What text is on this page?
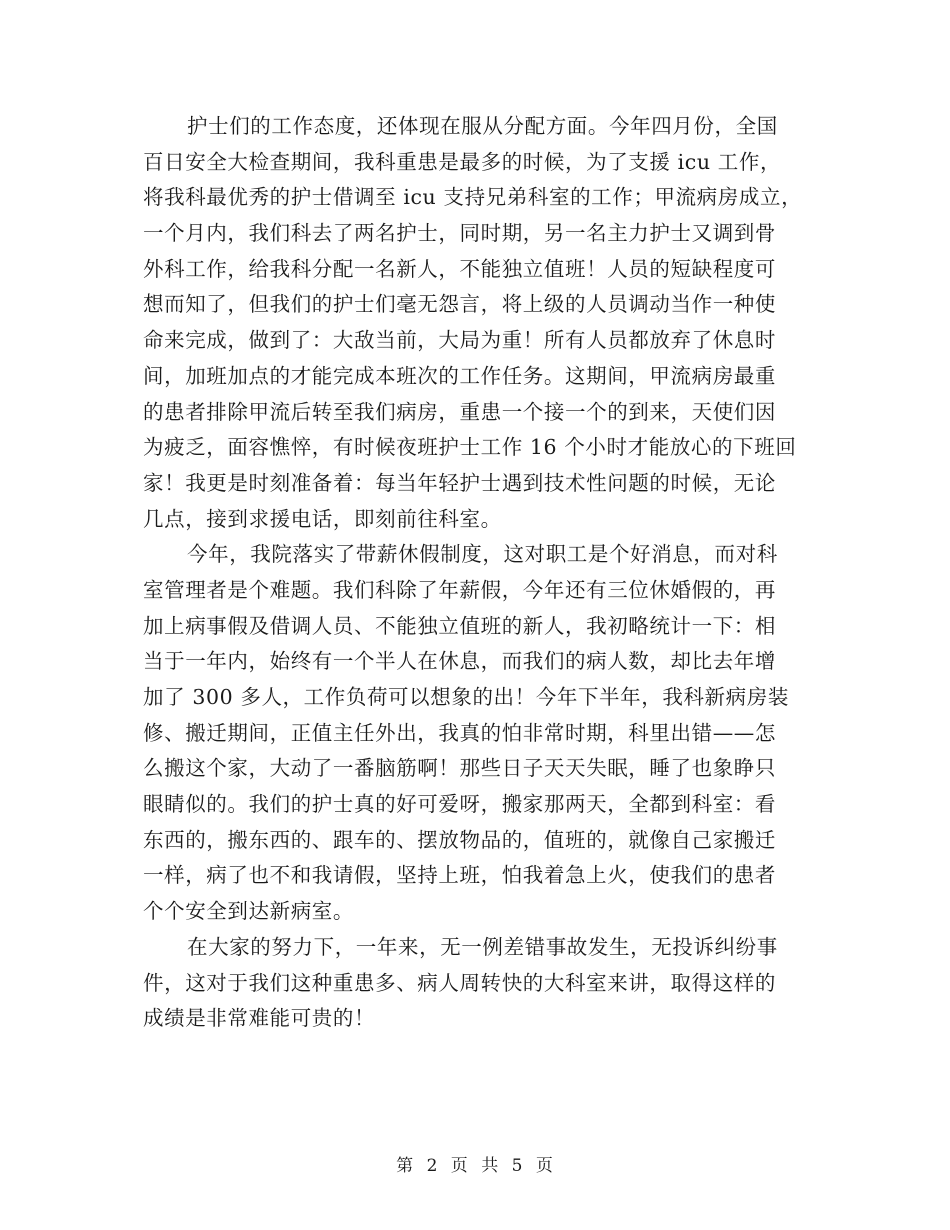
护士们的工作态度，还体现在服从分配方面。今年四月份，全国
百日安全大检查期间，我科重患是最多的时候，为了支援 icu 工作，
将我科最优秀的护士借调至 icu 支持兄弟科室的工作；甲流病房成立，
一个月内，我们科去了两名护士，同时期，另一名主力护士又调到骨
外科工作，给我科分配一名新人，不能独立值班！人员的短缺程度可
想而知了，但我们的护士们毫无怨言，将上级的人员调动当作一种使
命来完成，做到了：大敌当前，大局为重！所有人员都放弃了休息时
间，加班加点的才能完成本班次的工作任务。这期间，甲流病房最重
的患者排除甲流后转至我们病房，重患一个接一个的到来，天使们因
为疲乏，面容憔悴，有时候夜班护士工作 16 个小时才能放心的下班回
家！我更是时刻准备着：每当年轻护士遇到技术性问题的时候，无论
几点，接到求援电话，即刻前往科室。
今年，我院落实了带薪休假制度，这对职工是个好消息，而对科
室管理者是个难题。我们科除了年薪假，今年还有三位休婚假的，再
加上病事假及借调人员、不能独立值班的新人，我初略统计一下：相
当于一年内，始终有一个半人在休息，而我们的病人数，却比去年增
加了 300 多人，工作负荷可以想象的出！今年下半年，我科新病房装
修、搬迁期间，正值主任外出，我真的怕非常时期，科里出错——怎
么搬这个家，大动了一番脑筋啊！那些日子天天失眠，睡了也象睁只
眼睛似的。我们的护士真的好可爱呀，搬家那两天，全都到科室：看
东西的，搬东西的、跟车的、摆放物品的，值班的，就像自己家搬迁
一样，病了也不和我请假，坚持上班，怕我着急上火，使我们的患者
个个安全到达新病室。
在大家的努力下，一年来，无一例差错事故发生，无投诉纠纷事
件，这对于我们这种重患多、病人周转快的大科室来讲，取得这样的
成绩是非常难能可贵的！
第 2 页 共 5 页
